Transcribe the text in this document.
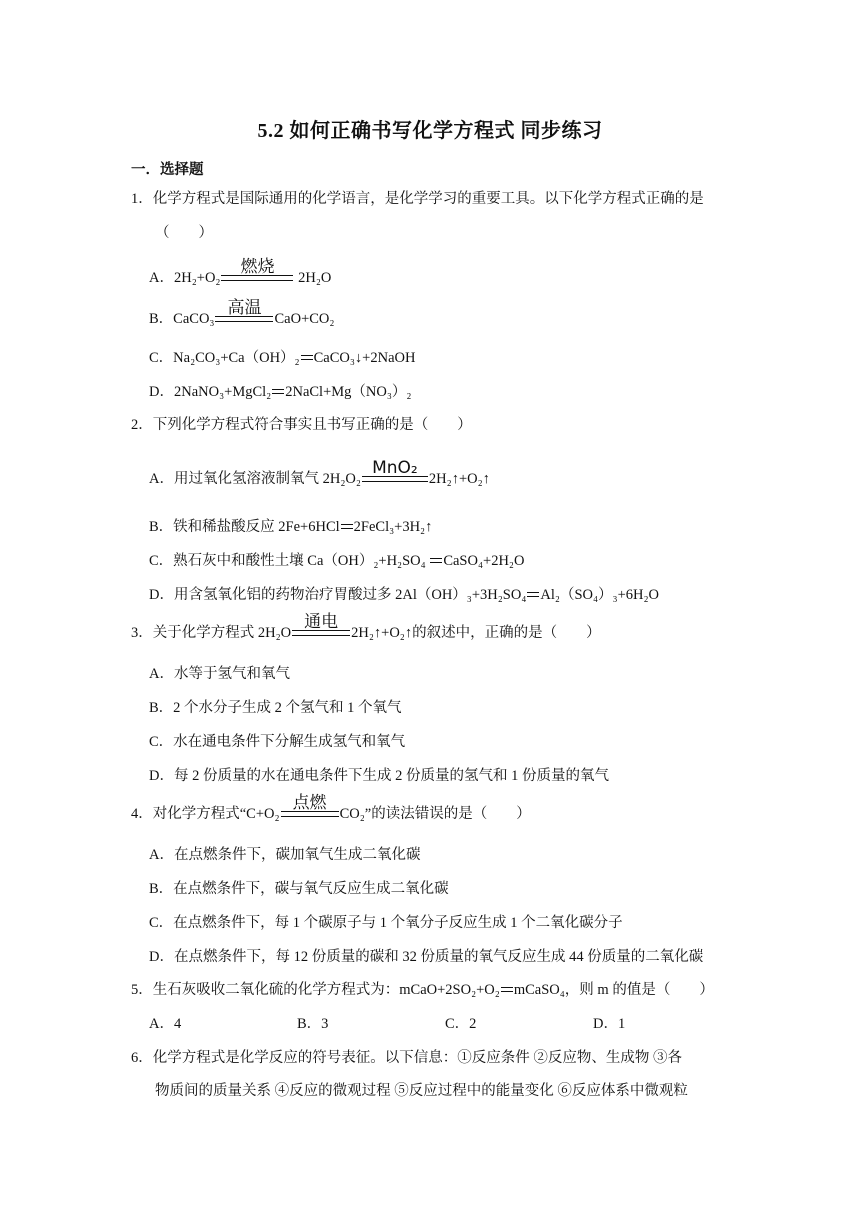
5.2 如何正确书写化学方程式 同步练习
一．选择题
1．化学方程式是国际通用的化学语言，是化学学习的重要工具。以下化学方程式正确的是
（　　）
A．2H₂+O₂
燃烧
2H₂O
B．CaCO₃
高温
CaO+CO₂
C．Na₂CO₃+Ca（OH）₂ CaCO₃↓+2NaOH
D．2NaNO₃+MgCl₂ 2NaCl+Mg（NO₃）₂
2．下列化学方程式符合事实且书写正确的是（　　）
A．用过氧化氢溶液制氧气 2H₂O₂
MnO₂
2H₂↑+O₂↑
B．铁和稀盐酸反应 2Fe+6HCl 2FeCl₃+3H₂↑
C．熟石灰中和酸性土壤 Ca（OH）₂+H₂SO₄ CaSO₄+2H₂O
D．用含氢氧化铝的药物治疗胃酸过多 2Al（OH）₃+3H₂SO₄ Al₂（SO₄）₃+6H₂O
3．关于化学方程式 2H₂O
通电
2H₂↑+O₂↑的叙述中，正确的是（　　）
A．水等于氢气和氧气
B．2 个水分子生成 2 个氢气和 1 个氧气
C．水在通电条件下分解生成氢气和氧气
D．每 2 份质量的水在通电条件下生成 2 份质量的氢气和 1 份质量的氧气
4．对化学方程式“C+O₂
点燃
CO₂”的读法错误的是（　　）
A．在点燃条件下，碳加氧气生成二氧化碳
B．在点燃条件下，碳与氧气反应生成二氧化碳
C．在点燃条件下，每 1 个碳原子与 1 个氧分子反应生成 1 个二氧化碳分子
D．在点燃条件下，每 12 份质量的碳和 32 份质量的氧气反应生成 44 份质量的二氧化碳
5．生石灰吸收二氧化硫的化学方程式为：mCaO+2SO₂+O₂ mCaSO₄，则 m 的值是（　　）
A．4	B．3	C．2	D．1
6．化学方程式是化学反应的符号表征。以下信息：①反应条件 ②反应物、生成物 ③各
物质间的质量关系 ④反应的微观过程 ⑤反应过程中的能量变化 ⑥反应体系中微观粒
